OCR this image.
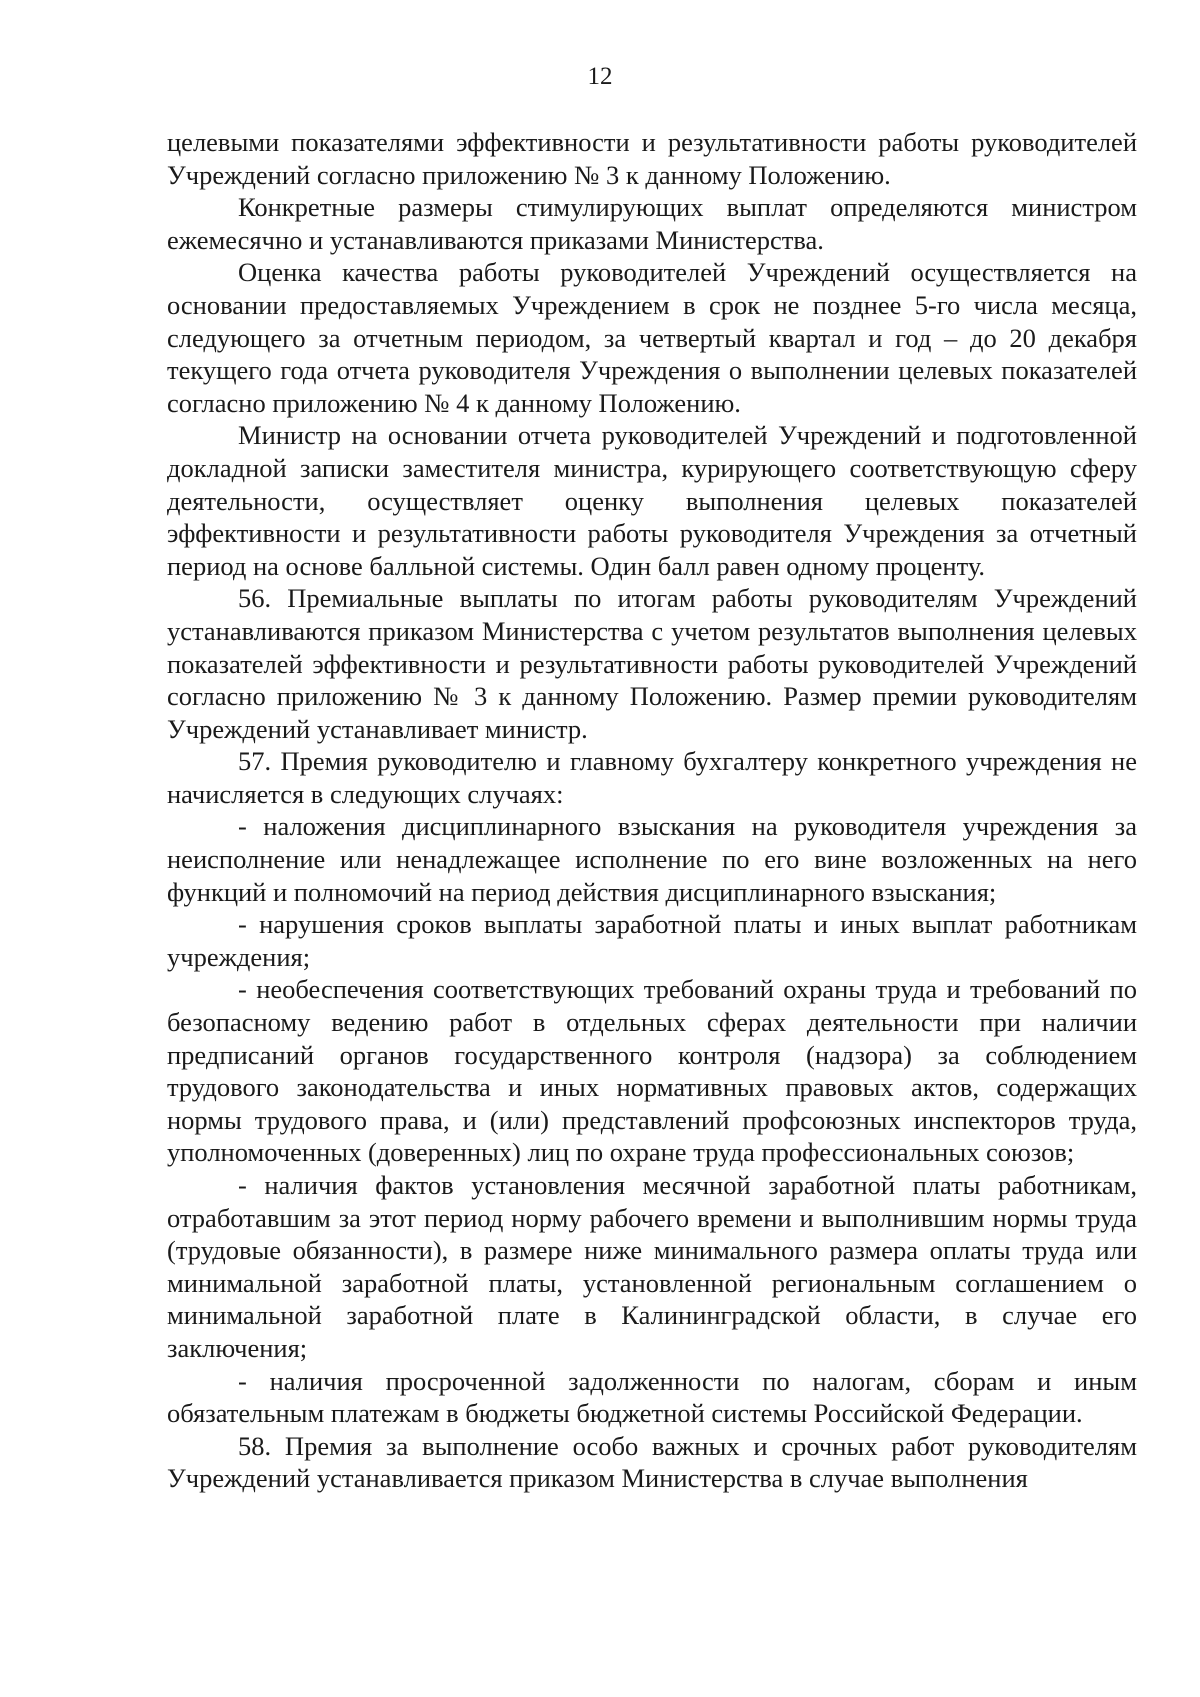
12

целевыми показателями эффективности и результативности работы руководителей Учреждений согласно приложению № 3 к данному Положению.

Конкретные размеры стимулирующих выплат определяются министром ежемесячно и устанавливаются приказами Министерства.

Оценка качества работы руководителей Учреждений осуществляется на основании предоставляемых Учреждением в срок не позднее 5-го числа месяца, следующего за отчетным периодом, за четвертый квартал и год – до 20 декабря текущего года отчета руководителя Учреждения о выполнении целевых показателей согласно приложению № 4 к данному Положению.

Министр на основании отчета руководителей Учреждений и подготовленной докладной записки заместителя министра, курирующего соответствующую сферу деятельности, осуществляет оценку выполнения целевых показателей эффективности и результативности работы руководителя Учреждения за отчетный период на основе балльной системы. Один балл равен одному проценту.

56. Премиальные выплаты по итогам работы руководителям Учреждений устанавливаются приказом Министерства с учетом результатов выполнения целевых показателей эффективности и результативности работы руководителей Учреждений согласно приложению № 3 к данному Положению. Размер премии руководителям Учреждений устанавливает министр.

57. Премия руководителю и главному бухгалтеру конкретного учреждения не начисляется в следующих случаях:

- наложения дисциплинарного взыскания на руководителя учреждения за неисполнение или ненадлежащее исполнение по его вине возложенных на него функций и полномочий на период действия дисциплинарного взыскания;

- нарушения сроков выплаты заработной платы и иных выплат работникам учреждения;

- необеспечения соответствующих требований охраны труда и требований по безопасному ведению работ в отдельных сферах деятельности при наличии предписаний органов государственного контроля (надзора) за соблюдением трудового законодательства и иных нормативных правовых актов, содержащих нормы трудового права, и (или) представлений профсоюзных инспекторов труда, уполномоченных (доверенных) лиц по охране труда профессиональных союзов;

- наличия фактов установления месячной заработной платы работникам, отработавшим за этот период норму рабочего времени и выполнившим нормы труда (трудовые обязанности), в размере ниже минимального размера оплаты труда или минимальной заработной платы, установленной региональным соглашением о минимальной заработной плате в Калининградской области, в случае его заключения;

- наличия просроченной задолженности по налогам, сборам и иным обязательным платежам в бюджеты бюджетной системы Российской Федерации.

58. Премия за выполнение особо важных и срочных работ руководителям Учреждений устанавливается приказом Министерства в случае выполнения
